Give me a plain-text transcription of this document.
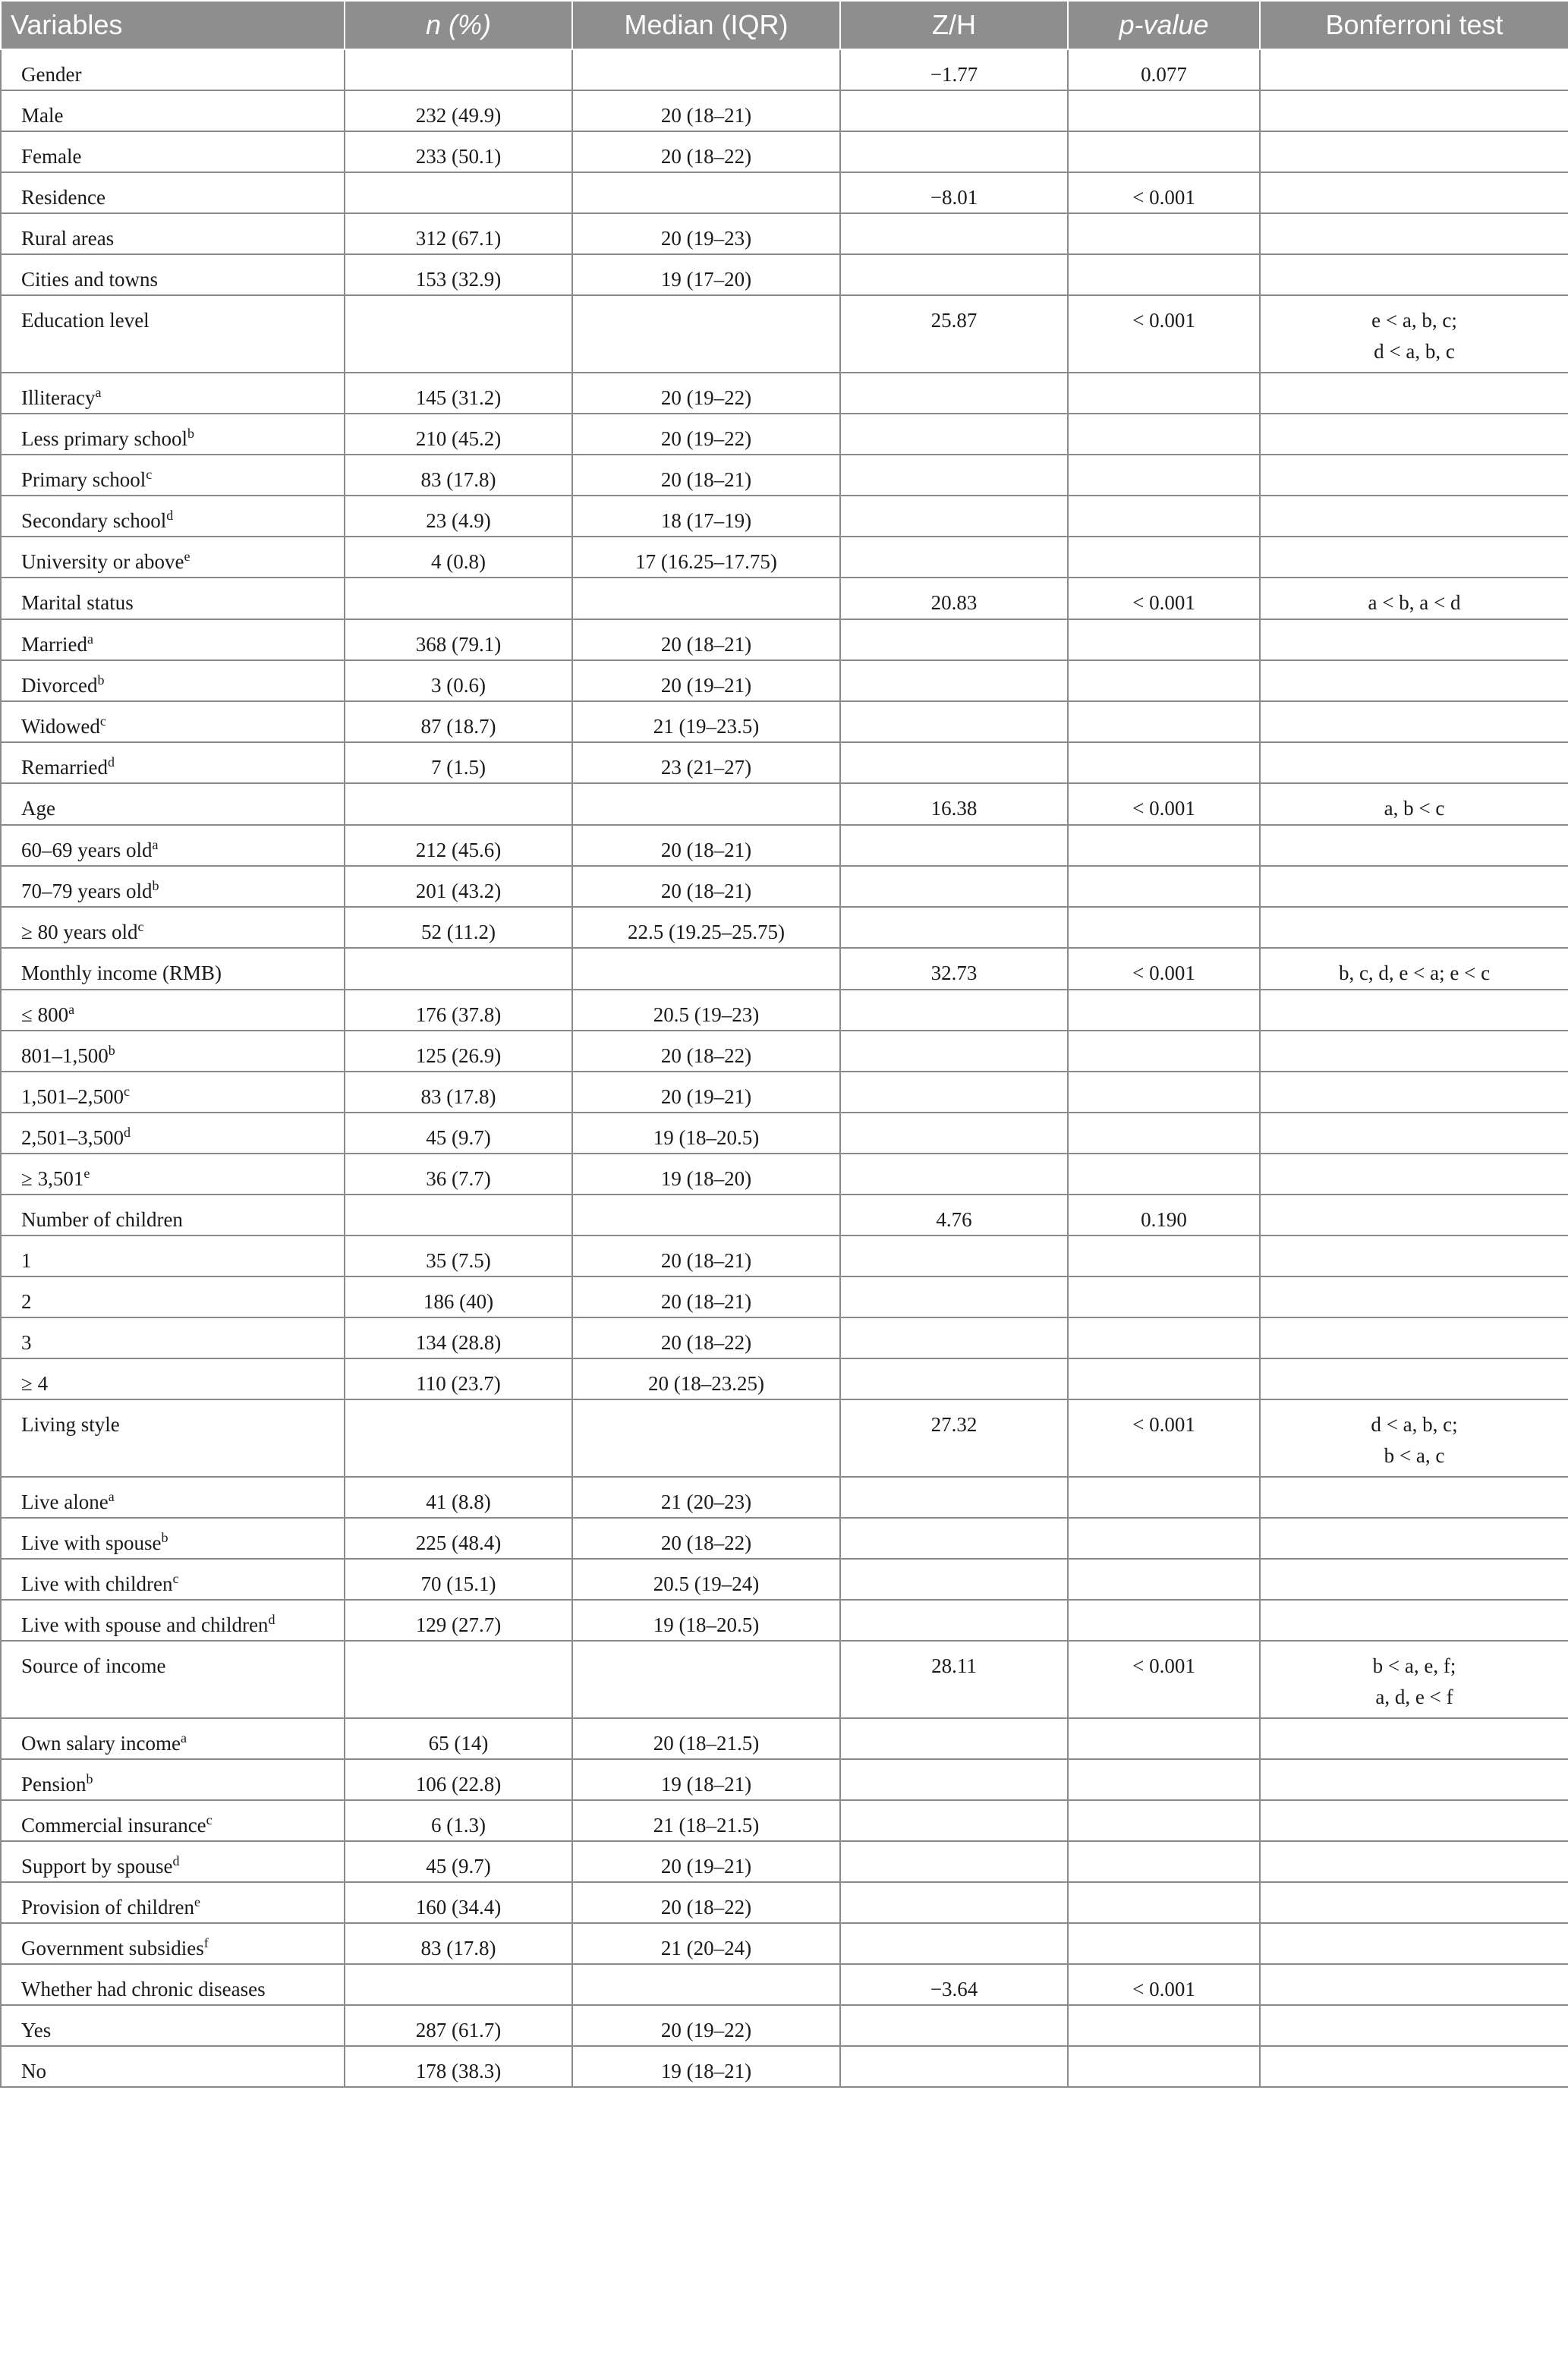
Variables	n (%)	Median (IQR)	Z/H	p-value	Bonferroni test
Gender			−1.77	0.077	
Male	232 (49.9)	20 (18–21)			
Female	233 (50.1)	20 (18–22)			
Residence			−8.01	< 0.001	
Rural areas	312 (67.1)	20 (19–23)			
Cities and towns	153 (32.9)	19 (17–20)			
Education level			25.87	< 0.001	e < a, b, c;
d < a, b, c
Illiteracy$^a$	145 (31.2)	20 (19–22)			
Less primary school$^b$	210 (45.2)	20 (19–22)			
Primary school$^c$	83 (17.8)	20 (18–21)			
Secondary school$^d$	23 (4.9)	18 (17–19)			
University or above$^e$	4 (0.8)	17 (16.25–17.75)			
Marital status			20.83	< 0.001	a < b, a < d
Married$^a$	368 (79.1)	20 (18–21)			
Divorced$^b$	3 (0.6)	20 (19–21)			
Widowed$^c$	87 (18.7)	21 (19–23.5)			
Remarried$^d$	7 (1.5)	23 (21–27)			
Age			16.38	< 0.001	a, b < c
60–69 years old$^a$	212 (45.6)	20 (18–21)			
70–79 years old$^b$	201 (43.2)	20 (18–21)			
≥ 80 years old$^c$	52 (11.2)	22.5 (19.25–25.75)			
Monthly income (RMB)			32.73	< 0.001	b, c, d, e < a; e < c
≤ $800^a$	176 (37.8)	20.5 (19–23)			
801–1,500$^b$	125 (26.9)	20 (18–22)			
1,501–2,500$^c$	83 (17.8)	20 (19–21)			
2,501–3,500$^d$	45 (9.7)	19 (18–20.5)			
≥ 3,501$^e$	36 (7.7)	19 (18–20)			
Number of children			4.76	0.190	
1	35 (7.5)	20 (18–21)			
2	186 (40)	20 (18–21)			
3	134 (28.8)	20 (18–22)			
≥ 4	110 (23.7)	20 (18–23.25)			
Living style			27.32	< 0.001	d < a, b, c;
b < a, c
Live alone$^a$	41 (8.8)	21 (20–23)			
Live with spouse$^b$	225 (48.4)	20 (18–22)			
Live with children$^c$	70 (15.1)	20.5 (19–24)			
Live with spouse and children$^d$	129 (27.7)	19 (18–20.5)			
Source of income			28.11	< 0.001	b < a, e, f;
a, d, e < f
Own salary income$^a$	65 (14)	20 (18–21.5)			
Pension$^b$	106 (22.8)	19 (18–21)			
Commercial insurance$^c$	6 (1.3)	21 (18–21.5)			
Support by spouse$^d$	45 (9.7)	20 (19–21)			
Provision of children$^e$	160 (34.4)	20 (18–22)			
Government subsidies$^f$	83 (17.8)	21 (20–24)			
Whether had chronic diseases			−3.64	< 0.001	
Yes	287 (61.7)	20 (19–22)			
No	178 (38.3)	19 (18–21)			
